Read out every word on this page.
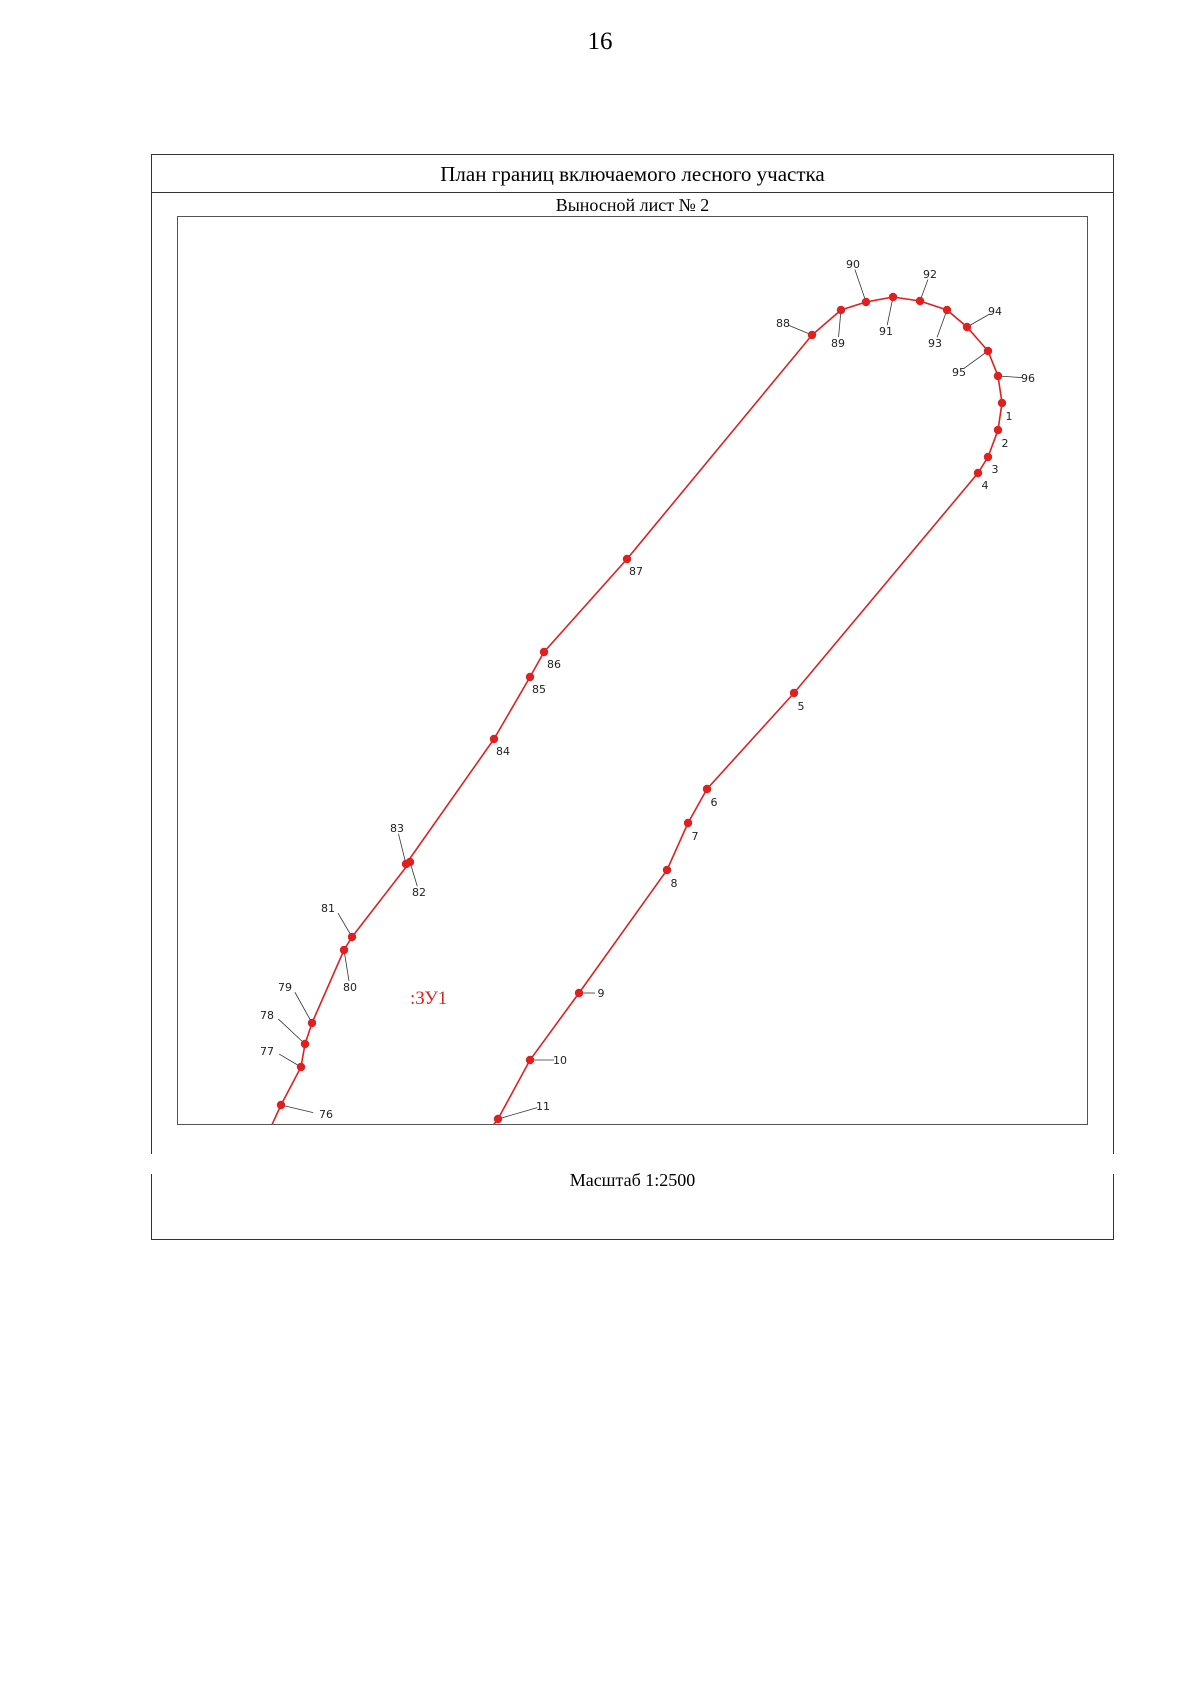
16
План границ включаемого лесного участка
Выносной лист № 2
87
86
85
84
83
82
81
80
79
78
77
76
4
3
2
1
96
95
94
93
92
91
90
89
88
5
6
7
8
9
10
11
:ЗУ1
Масштаб 1:2500
